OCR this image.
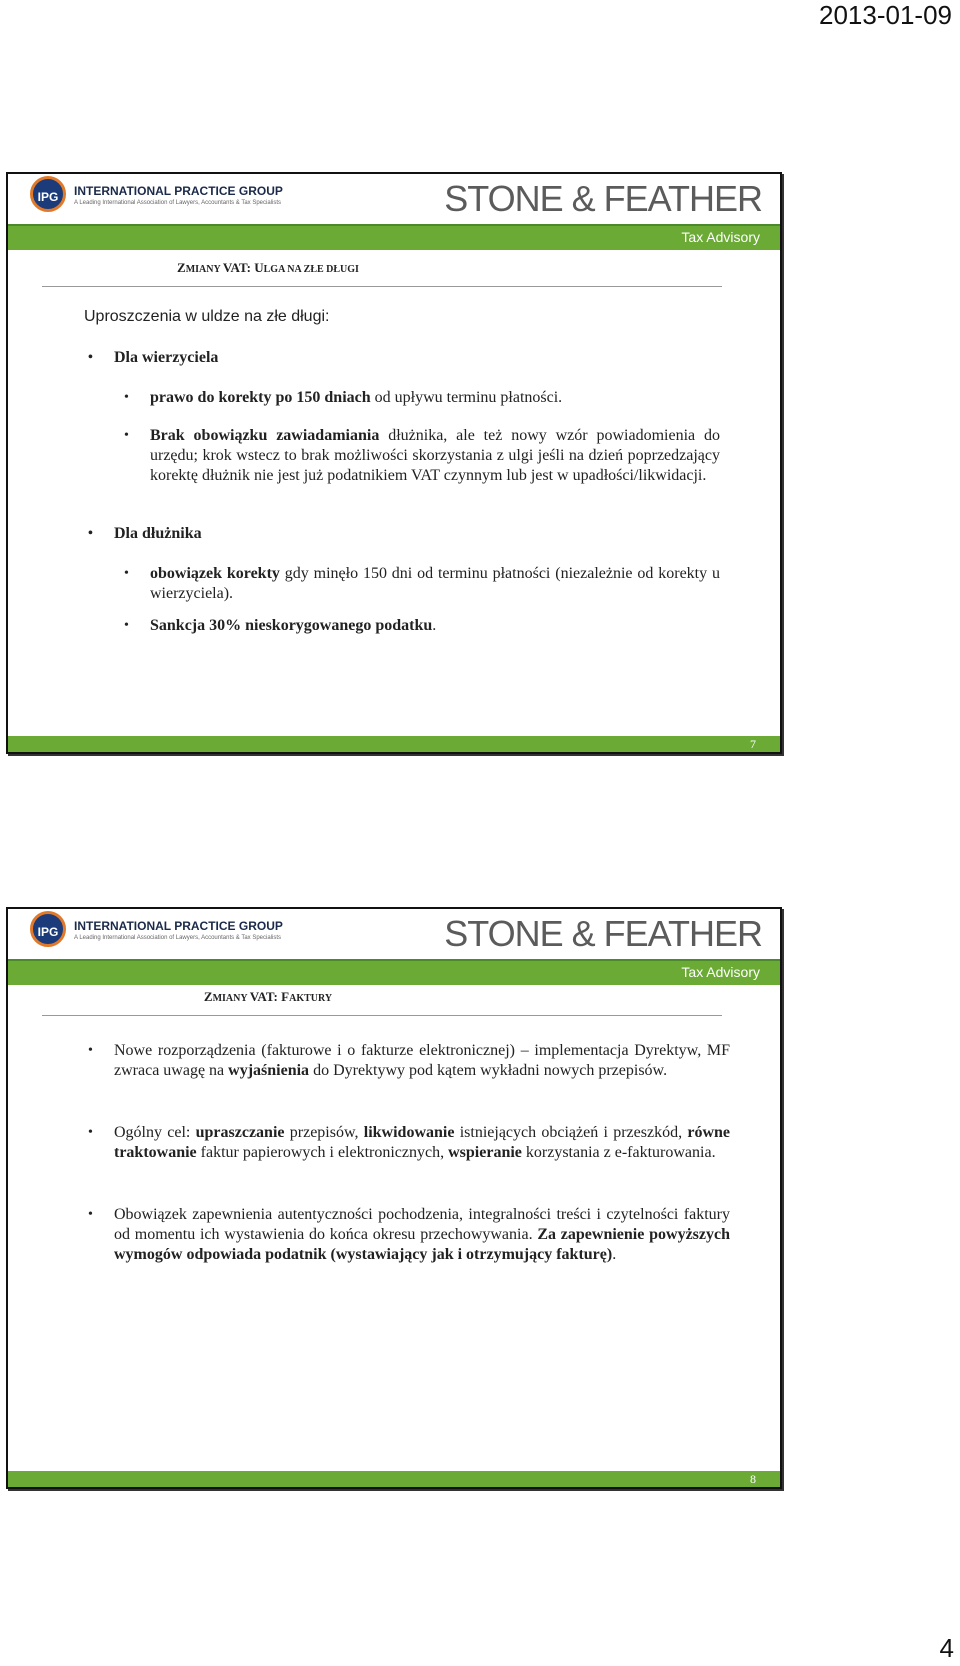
2013-01-09
IPG	INTERNATIONAL PRACTICE GROUP
A Leading International Association of Lawyers, Accountants & Tax Specialists	STONE & FEATHER
Tax Advisory
ZMIANY VAT: ULGA NA ZŁE DŁUGI
Uproszczenia w uldze na złe długi:
• Dla wierzyciela
• prawo do korekty po 150 dniach od upływu terminu płatności.
• Brak obowiązku zawiadamiania dłużnika, ale też nowy wzór powiadomienia do urzędu; krok wstecz to brak możliwości skorzystania z ulgi jeśli na dzień poprzedzający korektę dłużnik nie jest już podatnikiem VAT czynnym lub jest w upadłości/likwidacji.
• Dla dłużnika
• obowiązek korekty gdy minęło 150 dni od terminu płatności (niezależnie od korekty u wierzyciela).
• Sankcja 30% nieskorygowanego podatku.
7
IPG	INTERNATIONAL PRACTICE GROUP
A Leading International Association of Lawyers, Accountants & Tax Specialists	STONE & FEATHER
Tax Advisory
ZMIANY VAT: FAKTURY
• Nowe rozporządzenia (fakturowe i o fakturze elektronicznej) – implementacja Dyrektyw, MF zwraca uwagę na wyjaśnienia do Dyrektywy pod kątem wykładni nowych przepisów.
• Ogólny cel: upraszczanie przepisów, likwidowanie istniejących obciążeń i przeszkód, równe traktowanie faktur papierowych i elektronicznych, wspieranie korzystania z e-fakturowania.
• Obowiązek zapewnienia autentyczności pochodzenia, integralności treści i czytelności faktury od momentu ich wystawienia do końca okresu przechowywania. Za zapewnienie powyższych wymogów odpowiada podatnik (wystawiający jak i otrzymujący fakturę).
8
4
